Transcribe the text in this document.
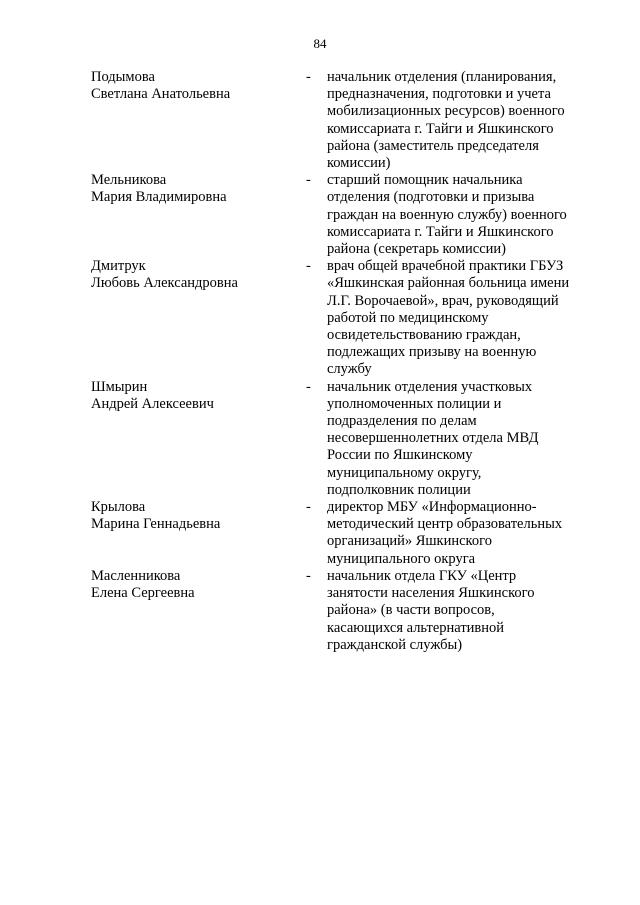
84
Подымова
Светлана Анатольевна
- начальник отделения (планирования,
предназначения, подготовки и учета
мобилизационных ресурсов) военного
комиссариата г. Тайги и Яшкинского
района (заместитель председателя
комиссии)
Мельникова
Мария Владимировна
- старший помощник начальника
отделения (подготовки и призыва
граждан на военную службу) военного
комиссариата г. Тайги и Яшкинского
района (секретарь комиссии)
Дмитрук
Любовь Александровна
- врач общей врачебной практики ГБУЗ
«Яшкинская районная больница имени
Л.Г. Ворочаевой», врач, руководящий
работой по медицинскому
освидетельствованию граждан,
подлежащих призыву на военную
службу
Шмырин
Андрей Алексеевич
- начальник отделения участковых
уполномоченных полиции и
подразделения по делам
несовершеннолетних отдела МВД
России по Яшкинскому
муниципальному округу,
подполковник полиции
Крылова
Марина Геннадьевна
- директор МБУ «Информационно-
методический центр образовательных
организаций» Яшкинского
муниципального округа
Масленникова
Елена Сергеевна
- начальник отдела ГКУ «Центр
занятости населения Яшкинского
района» (в части вопросов,
касающихся альтернативной
гражданской службы)
